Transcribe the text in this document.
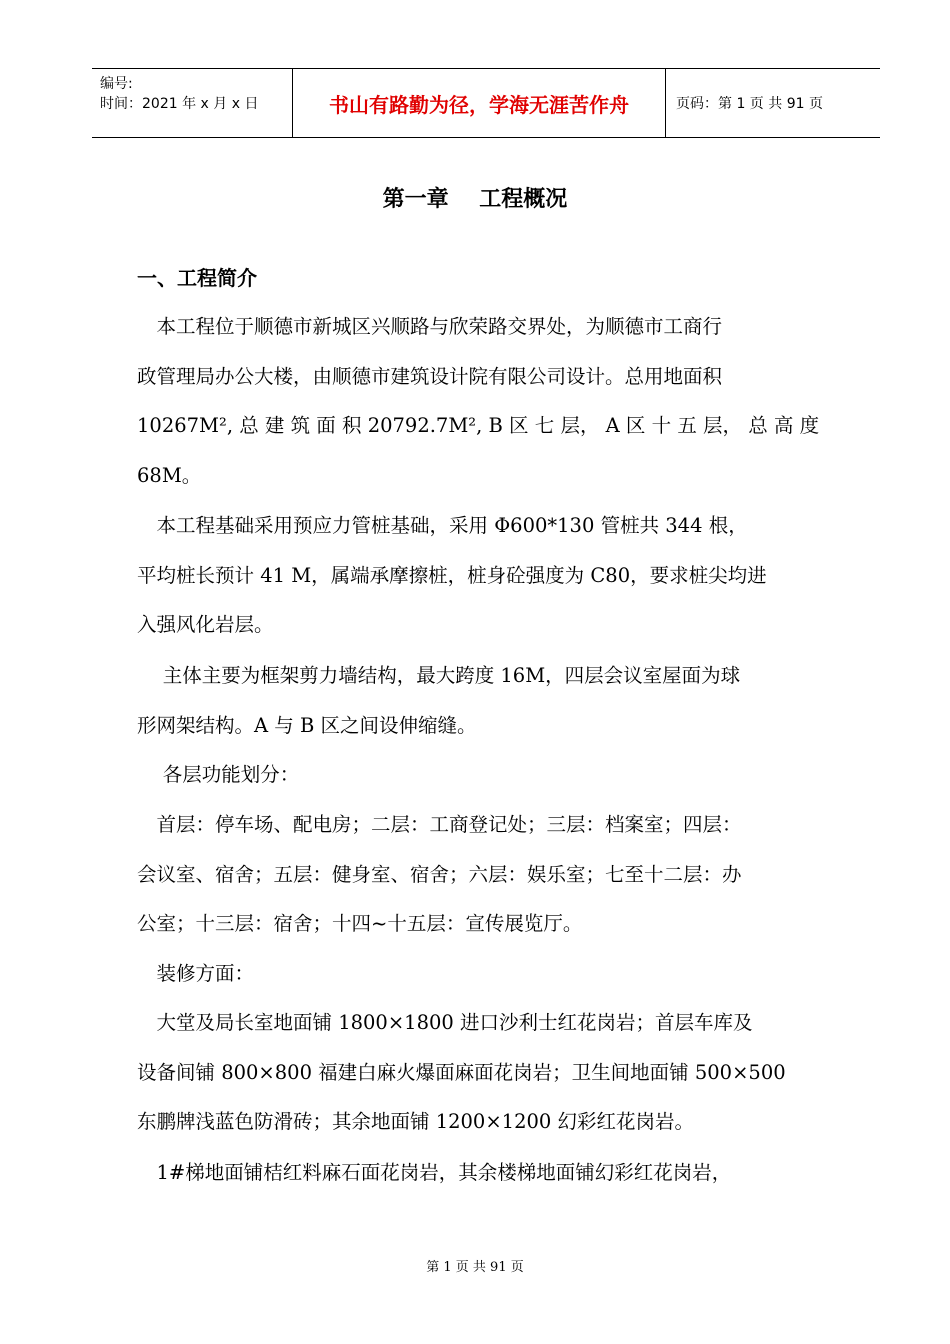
编号:
时间：2021 年 x 月 x 日	书山有路勤为径，学海无涯苦作舟	页码：第 1 页 共 91 页
第一章    工程概况
一、工程简介
　本工程位于顺德市新城区兴顺路与欣荣路交界处，为顺德市工商行
政管理局办公大楼，由顺德市建筑设计院有限公司设计。总用地面积
10267M², 总 建 筑 面 积 20792.7M², B 区 七 层， A 区 十 五 层， 总 高 度
68M。
　本工程基础采用预应力管桩基础，采用 Φ600*130 管桩共 344 根，
平均桩长预计 41 M，属端承摩擦桩，桩身砼强度为 C80，要求桩尖均进
入强风化岩层。
　 主体主要为框架剪力墙结构，最大跨度 16M，四层会议室屋面为球
形网架结构。A 与 B 区之间设伸缩缝。
　 各层功能划分：
　首层：停车场、配电房；二层：工商登记处；三层：档案室；四层：
会议室、宿舍；五层：健身室、宿舍；六层：娱乐室；七至十二层：办
公室；十三层：宿舍；十四~十五层：宣传展览厅。
　装修方面：
　大堂及局长室地面铺 1800×1800 进口沙利士红花岗岩；首层车库及
设备间铺 800×800 福建白麻火爆面麻面花岗岩；卫生间地面铺 500×500
东鹏牌浅蓝色防滑砖；其余地面铺 1200×1200 幻彩红花岗岩。
　1#梯地面铺桔红料麻石面花岗岩，其余楼梯地面铺幻彩红花岗岩，
第 1 页 共 91 页
